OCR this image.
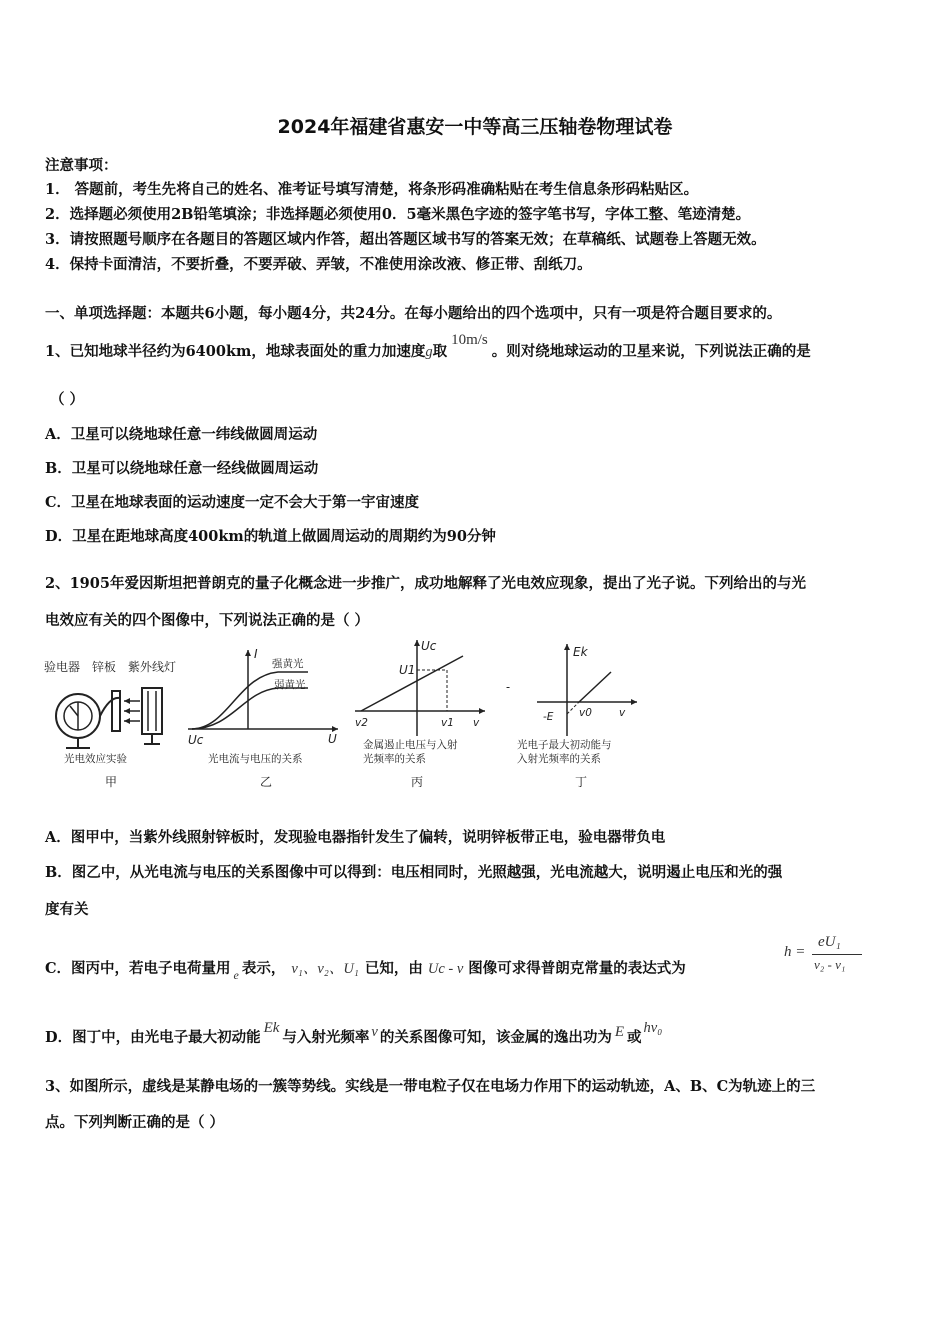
2024年福建省惠安一中等高三压轴卷物理试卷
注意事项：
1． 答题前，考生先将自己的姓名、准考证号填写清楚，将条形码准确粘贴在考生信息条形码粘贴区。
2．选择题必须使用2B铅笔填涂；非选择题必须使用0．5毫米黑色字迹的签字笔书写，字体工整、笔迹清楚。
3．请按照题号顺序在各题目的答题区域内作答，超出答题区域书写的答案无效；在草稿纸、试题卷上答题无效。
4．保持卡面清洁，不要折叠，不要弄破、弄皱，不准使用涂改液、修正带、刮纸刀。
一、单项选择题：本题共6小题，每小题4分，共24分。在每小题给出的四个选项中，只有一项是符合题目要求的。
1、已知地球半径约为6400km，地球表面处的重力加速度g取10m/s。则对绕地球运动的卫星来说，下列说法正确的是
（ ）
A．卫星可以绕地球任意一纬线做圆周运动
B．卫星可以绕地球任意一经线做圆周运动
C．卫星在地球表面的运动速度一定不会大于第一宇宙速度
D．卫星在距地球高度400km的轨道上做圆周运动的周期约为90分钟
2、1905年爱因斯坦把普朗克的量子化概念进一步推广，成功地解释了光电效应现象，提出了光子说。下列给出的与光
电效应有关的四个图像中，下列说法正确的是（ ）
验电器 锌板 紫外线灯
光电效应实验
甲
I
U
Uc
强黄光
弱黄光
光电流与电压的关系
乙
Uc
U1
v2	v1 v
金属遏止电压与入射
光频率的关系
丙
-
Ek
-E v0	v
光电子最大初动能与
入射光频率的关系
丁
A．图甲中，当紫外线照射锌板时，发现验电器指针发生了偏转，说明锌板带正电，验电器带负电
B．图乙中，从光电流与电压的关系图像中可以得到：电压相同时，光照越强，光电流越大，说明遏止电压和光的强
度有关
C．图丙中，若电子电荷量用 $_e$ 表示， v₁、v₂、U₁ 已知，由 Uc - v 图像可求得普朗克常量的表达式为
h =
eU₁
v₂ - v₁
D．图丁中，由光电子最大初动能Ek与入射光频率 v 的关系图像可知，该金属的逸出功为 E 或hv₀
3、如图所示，虚线是某静电场的一簇等势线。实线是一带电粒子仅在电场力作用下的运动轨迹，A、B、C为轨迹上的三
点。下列判断正确的是（ ）
